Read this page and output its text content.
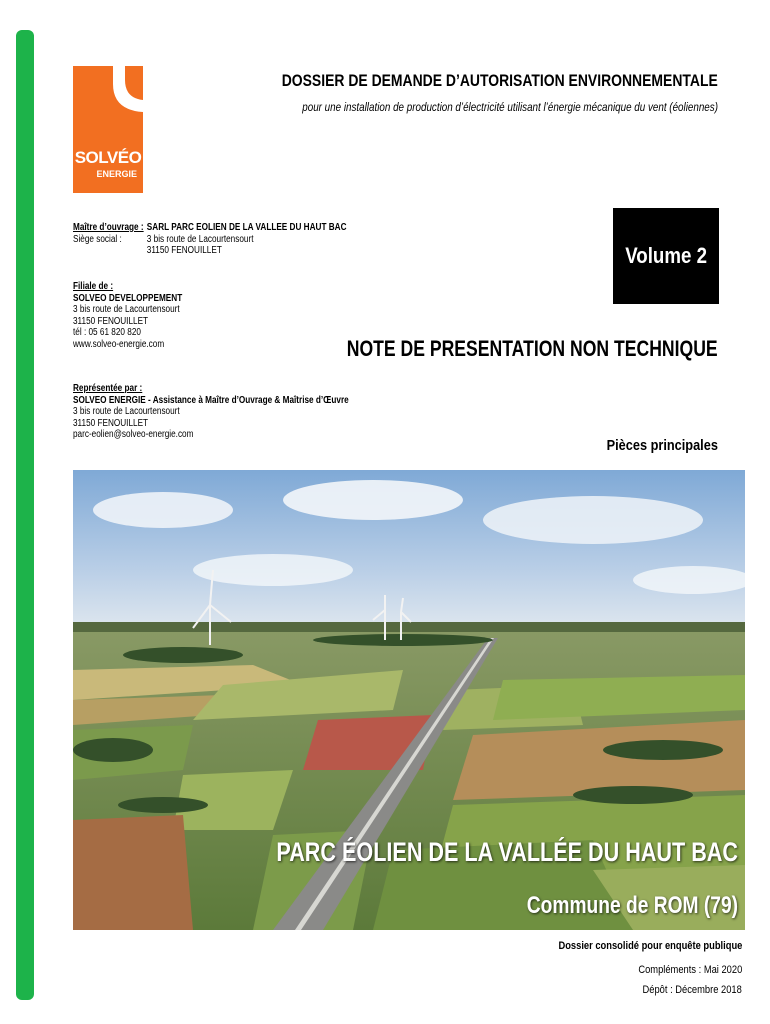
SOLVÉO
ENERGIE
DOSSIER DE DEMANDE D’AUTORISATION ENVIRONNEMENTALE
pour une installation de production d’électricité utilisant l’énergie mécanique du vent (éoliennes)
Maître d’ouvrage : SARL PARC EOLIEN DE LA VALLEE DU HAUT BAC
Siège social :	3 bis route de Lacourtensourt
31150 FENOUILLET
Filiale de :
SOLVEO DEVELOPPEMENT
3 bis route de Lacourtensourt
31150 FENOUILLET
tél : 05 61 820 820
www.solveo-energie.com
Représentée par :
SOLVEO ENERGIE - Assistance à Maître d’Ouvrage & Maîtrise d’Œuvre
3 bis route de Lacourtensourt
31150 FENOUILLET
parc-eolien@solveo-energie.com
Volume 2
NOTE DE PRESENTATION NON TECHNIQUE
Pièces principales
PARC ÉOLIEN DE LA VALLÉE DU HAUT BAC
Commune de ROM (79)
Dossier consolidé pour enquête publique
Compléments : Mai 2020
Dépôt : Décembre 2018
